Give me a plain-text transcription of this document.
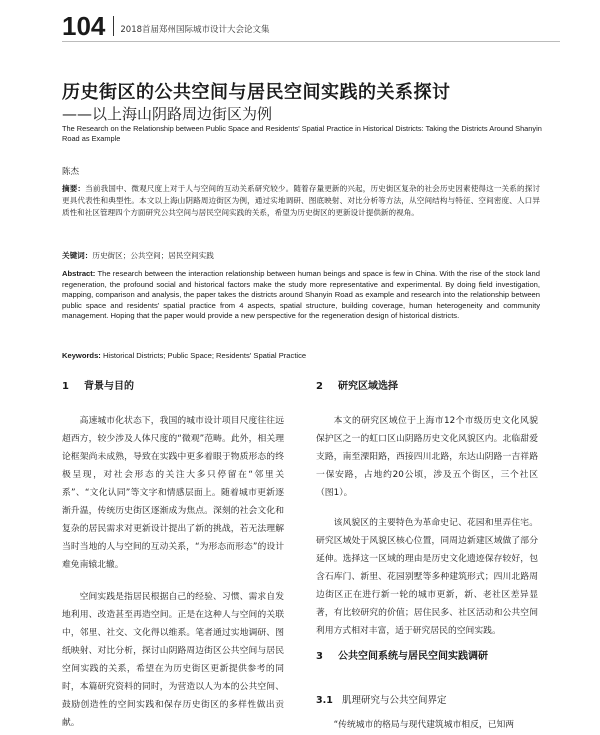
104 2018首届郑州国际城市设计大会论文集
历史街区的公共空间与居民空间实践的关系探讨
——以上海山阴路周边街区为例
The Research on the Relationship between Public Space and Residents' Spatial Practice in Historical Districts: Taking the Districts Around Shanyin Road as Example
陈杰
摘要：当前我国中、微观尺度上对于人与空间的互动关系研究较少。随着存量更新的兴起，历史街区复杂的社会历史因素使得这一关系的探讨更具代表性和典型性。本文以上海山阴路周边街区为例，通过实地调研、图底映射、对比分析等方法，从空间结构与特征、空间密度、人口异质性和社区管理四个方面研究公共空间与居民空间实践的关系，希望为历史街区的更新设计提供新的视角。
关键词：历史街区；公共空间；居民空间实践
Abstract: The research between the interaction relationship between human beings and space is few in China. With the rise of the stock land regeneration, the profound social and historical factors make the study more representative and experimental. By doing field investigation, mapping, comparison and analysis, the paper takes the districts around Shanyin Road as example and research into the relationship between public space and residents' spatial practice from 4 aspects, spatial structure, building coverage, human heterogeneity and community management. Hoping that the paper would provide a new perspective for the regeneration design of historical districts.
Keywords: Historical Districts; Public Space; Residents' Spatial Practice
1 背景与目的

高速城市化状态下，我国的城市设计项目尺度往往远超西方，较少涉及人体尺度的“微观”范畴。此外，相关理论框架尚未成熟，导致在实践中更多着眼于物质形态的终极呈现，对社会形态的关注大多只停留在“邻里关系”、“文化认同”等文字和情感层面上。随着城市更新逐渐升温，传统历史街区逐渐成为焦点。深刻的社会文化和复杂的居民需求对更新设计提出了新的挑战，若无法理解当时当地的人与空间的互动关系，“为形态而形态”的设计难免南辕北辙。

空间实践是指居民根据自己的经验、习惯、需求自发地利用、改造甚至再造空间。正是在这种人与空间的关联中，邻里、社交、文化得以维系。笔者通过实地调研、图纸映射、对比分析，探讨山阴路周边街区公共空间与居民空间实践的关系，希望在为历史街区更新提供参考的同时，本篇研究资料的同时，为营造以人为本的公共空间、鼓励创造性的空间实践和保存历史街区的多样性做出贡献。

2 研究区域选择

本文的研究区域位于上海市12个市级历史文化风貌保护区之一的虹口区山阴路历史文化风貌区内。北临甜爱支路，南至溧阳路，西接四川北路，东达山阴路一吉祥路一保安路，占地约20公顷，涉及五个街区，三个社区（图1）。

该风貌区的主要特色为革命史记、花园和里弄住宅。研究区域处于风貌区核心位置，同周边新建区域做了部分延伸。选择这一区域的理由是历史文化遗迹保存较好，包含石库门、新里、花园别墅等多种建筑形式；四川北路周边街区正在进行新一轮的城市更新，新、老社区差异显著，有比较研究的价值；居住民多、社区活动和公共空间利用方式相对丰富，适于研究居民的空间实践。

3 公共空间系统与居民空间实践调研
3.1 肌理研究与公共空间界定

“传统城市的格局与现代建筑城市相反，已知两
